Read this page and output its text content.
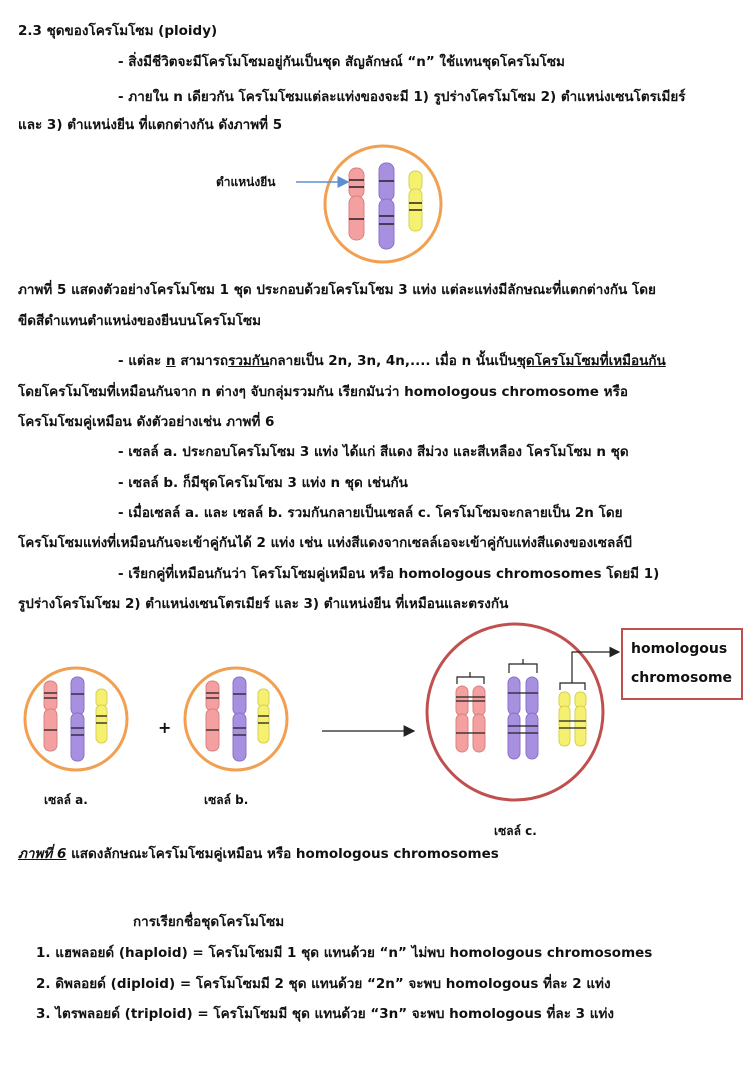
2.3 ชุดของโครโมโซม (ploidy)
- สิ่งมีชีวิตจะมีโครโมโซมอยู่กันเป็นชุด สัญลักษณ์ “n” ใช้แทนชุดโครโมโซม
- ภายใน n เดียวกัน โครโมโซมแต่ละแท่งของจะมี 1) รูปร่างโครโมโซม 2) ตำแหน่งเซนโตรเมียร์
และ 3) ตำแหน่งยีน ที่แตกต่างกัน ดังภาพที่ 5
ตำแหน่งยีน
ภาพที่ 5 แสดงตัวอย่างโครโมโซม 1 ชุด ประกอบด้วยโครโมโซม 3 แท่ง แต่ละแท่งมีลักษณะที่แตกต่างกัน โดย
ขีดสีดำแทนตำแหน่งของยีนบนโครโมโซม
- แต่ละ n สามารถรวมกันกลายเป็น 2n, 3n, 4n,.... เมื่อ n นั้นเป็นชุดโครโมโซมที่เหมือนกัน
โดยโครโมโซมที่เหมือนกันจาก n ต่างๆ จับกลุ่มรวมกัน เรียกมันว่า homologous chromosome หรือ
โครโมโซมคู่เหมือน ดังตัวอย่างเช่น ภาพที่ 6
- เซลล์ a. ประกอบโครโมโซม 3 แท่ง ได้แก่ สีแดง สีม่วง และสีเหลือง โครโมโซม n ชุด
- เซลล์ b. ก็มีชุดโครโมโซม 3 แท่ง n ชุด เช่นกัน
- เมื่อเซลล์ a. และ เซลล์ b. รวมกันกลายเป็นเซลล์ c. โครโมโซมจะกลายเป็น 2n โดย
โครโมโซมแท่งที่เหมือนกันจะเข้าคู่กันได้ 2 แท่ง เช่น แท่งสีแดงจากเซลล์เอจะเข้าคู่กับแท่งสีแดงของเซลล์บี
- เรียกคู่ที่เหมือนกันว่า โครโมโซมคู่เหมือน หรือ homologous chromosomes โดยมี 1)
รูปร่างโครโมโซม 2) ตำแหน่งเซนโตรเมียร์ และ 3) ตำแหน่งยีน ที่เหมือนและตรงกัน
+
เซลล์ a.	เซลล์ b.
เซลล์ c.
homologous
chromosome
ภาพที่ 6 แสดงลักษณะโครโมโซมคู่เหมือน หรือ homologous chromosomes
การเรียกชื่อชุดโครโมโซม
1. แฮพลอยด์ (haploid) = โครโมโซมมี 1 ชุด แทนด้วย “n” ไม่พบ homologous chromosomes
2. ดิพลอยด์ (diploid) = โครโมโซมมี 2 ชุด แทนด้วย “2n” จะพบ homologous ที่ละ 2 แท่ง
3. ไตรพลอยด์ (triploid) = โครโมโซมมี ชุด แทนด้วย “3n” จะพบ homologous ที่ละ 3 แท่ง
